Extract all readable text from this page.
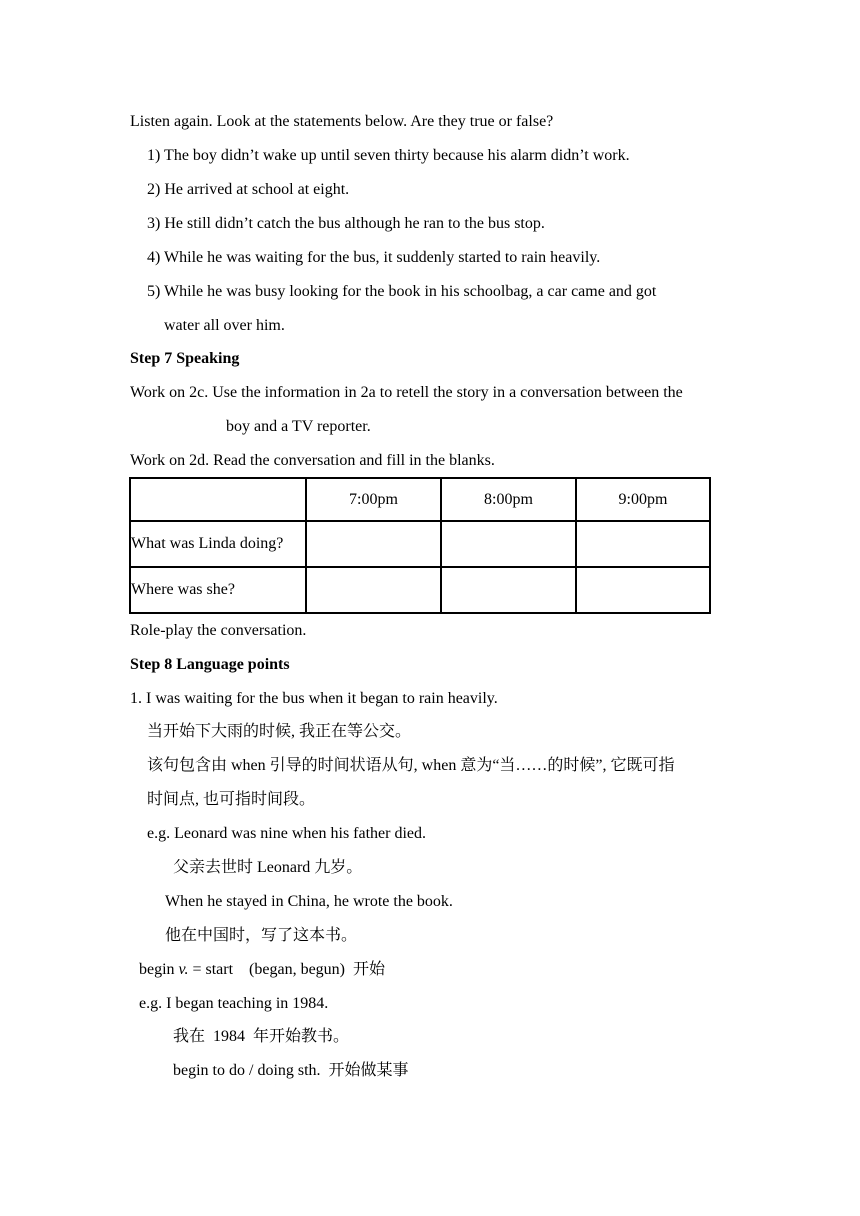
Listen again. Look at the statements below. Are they true or false?
1) The boy didn’t wake up until seven thirty because his alarm didn’t work.
2) He arrived at school at eight.
3) He still didn’t catch the bus although he ran to the bus stop.
4) While he was waiting for the bus, it suddenly started to rain heavily.
5) While he was busy looking for the book in his schoolbag, a car came and got
water all over him.
Step 7 Speaking
Work on 2c. Use the information in 2a to retell the story in a conversation between the
boy and a TV reporter.
Work on 2d. Read the conversation and fill in the blanks.
	7:00pm	8:00pm	9:00pm
What was Linda doing?			
Where was she?			
Role-play the conversation.
Step 8 Language points
1. I was waiting for the bus when it began to rain heavily.
当开始下大雨的时候, 我正在等公交。
该句包含由 when 引导的时间状语从句, when 意为“当……的时候”, 它既可指
时间点, 也可指时间段。
e.g. Leonard was nine when his father died.
父亲去世时 Leonard 九岁。
When he stayed in China, he wrote the book.
他在中国时，写了这本书。
begin v. = start    (began, begun)  开始
e.g. I began teaching in 1984.
我在  1984  年开始教书。
begin to do / doing sth.  开始做某事
